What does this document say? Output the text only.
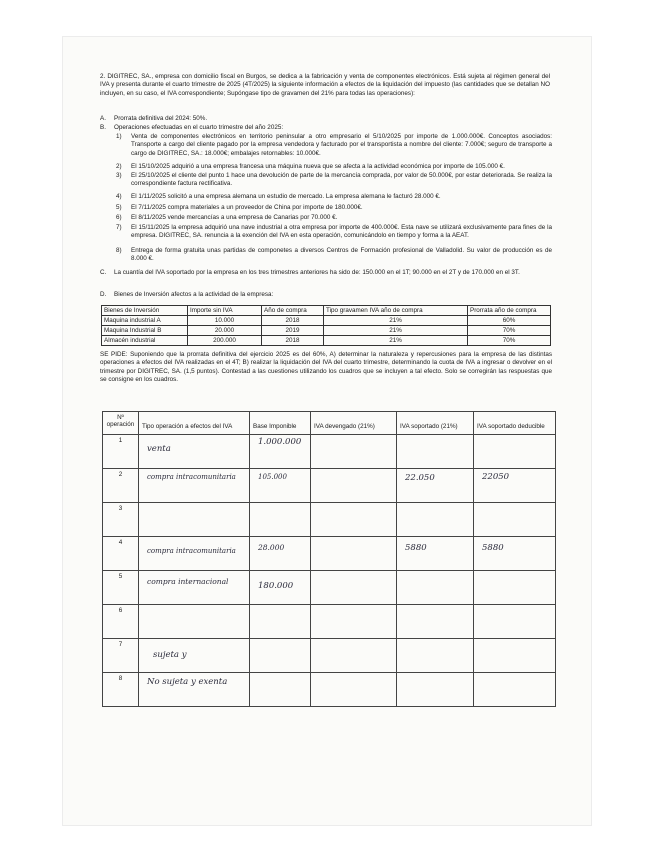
2. DIGITREC, SA., empresa con domicilio fiscal en Burgos, se dedica a la fabricación y venta de componentes electrónicos. Está sujeta al régimen general del IVA y presenta durante el cuarto trimestre de 2025 (4T/2025) la siguiente información a efectos de la liquidación del impuesto (las cantidades que se detallan NO incluyen, en su caso, el IVA correspondiente; Supóngase tipo de gravamen del 21% para todas las operaciones):
A. Prorrata definitiva del 2024: 50%.
B. Operaciones efectuadas en el cuarto trimestre del año 2025:
1) Venta de componentes electrónicos en territorio peninsular a otro empresario el 5/10/2025 por importe de 1.000.000€. Conceptos asociados: Transporte a cargo del cliente pagado por la empresa vendedora y facturado por el transportista a nombre del cliente: 7.000€; seguro de transporte a cargo de DIGITREC, SA.: 18.000€; embalajes retornables: 10.000€.
2) El 15/10/2025 adquirió a una empresa francesa una máquina nueva que se afecta a la actividad económica por importe de 105.000 €.
3) El 25/10/2025 el cliente del punto 1 hace una devolución de parte de la mercancía comprada, por valor de 50.000€, por estar deteriorada. Se realiza la correspondiente factura rectificativa.
4) El 1/11/2025 solicitó a una empresa alemana un estudio de mercado. La empresa alemana le facturó 28.000 €.
5) El 7/11/2025 compra materiales a un proveedor de China por importe de 180.000€.
6) El 8/11/2025 vende mercancías a una empresa de Canarias por 70.000 €.
7) El 15/11/2025 la empresa adquirió una nave industrial a otra empresa por importe de 400.000€. Esta nave se utilizará exclusivamente para fines de la empresa. DIGITREC, SA. renuncia a la exención del IVA en esta operación, comunicándolo en tiempo y forma a la AEAT.
8) Entrega de forma gratuita unas partidas de componetes a diversos Centros de Formación profesional de Valladolid. Su valor de producción es de 8.000 €.
C. La cuantía del IVA soportado por la empresa en los tres trimestres anteriores ha sido de: 150.000 en el 1T; 90.000 en el 2T y de 170.000 en el 3T.
D. Bienes de Inversión afectos a la actividad de la empresa:
Bienes de Inversión	Importe sin IVA	Año de compra	Tipo gravamen IVA año de compra	Prorrata año de compra
Maquina industrial A	10.000	2018	21%	60%
Maquina Industrial B	20.000	2019	21%	70%
Almacén industrial	200.000	2018	21%	70%
SE PIDE: Suponiendo que la prorrata definitiva del ejercicio 2025 es del 60%, A) determinar la naturaleza y repercusiones para la empresa de las distintas operaciones a efectos del IVA realizadas en el 4T; B) realizar la liquidación del IVA del cuarto trimestre, determinando la cuota de IVA a ingresar o devolver en el trimestre por DIGITREC, SA. (1,5 puntos). Contestad a las cuestiones utilizando los cuadros que se incluyen a tal efecto. Solo se corregirán las respuestas que se consigne en los cuadros.
Nº operación	Tipo operación a efectos del IVA	Base Imponible	IVA devengado (21%)	IVA soportado (21%)	IVA soportado deducible

1	venta	1.000.000			

2	compra intracomunitaria	105.000		22.050	22050

3	

4	compra intracomunitaria	28.000		5880	5880

5	compra internacional	180.000			

6	

7	sujeta y				

8	No sujeta y exenta				
